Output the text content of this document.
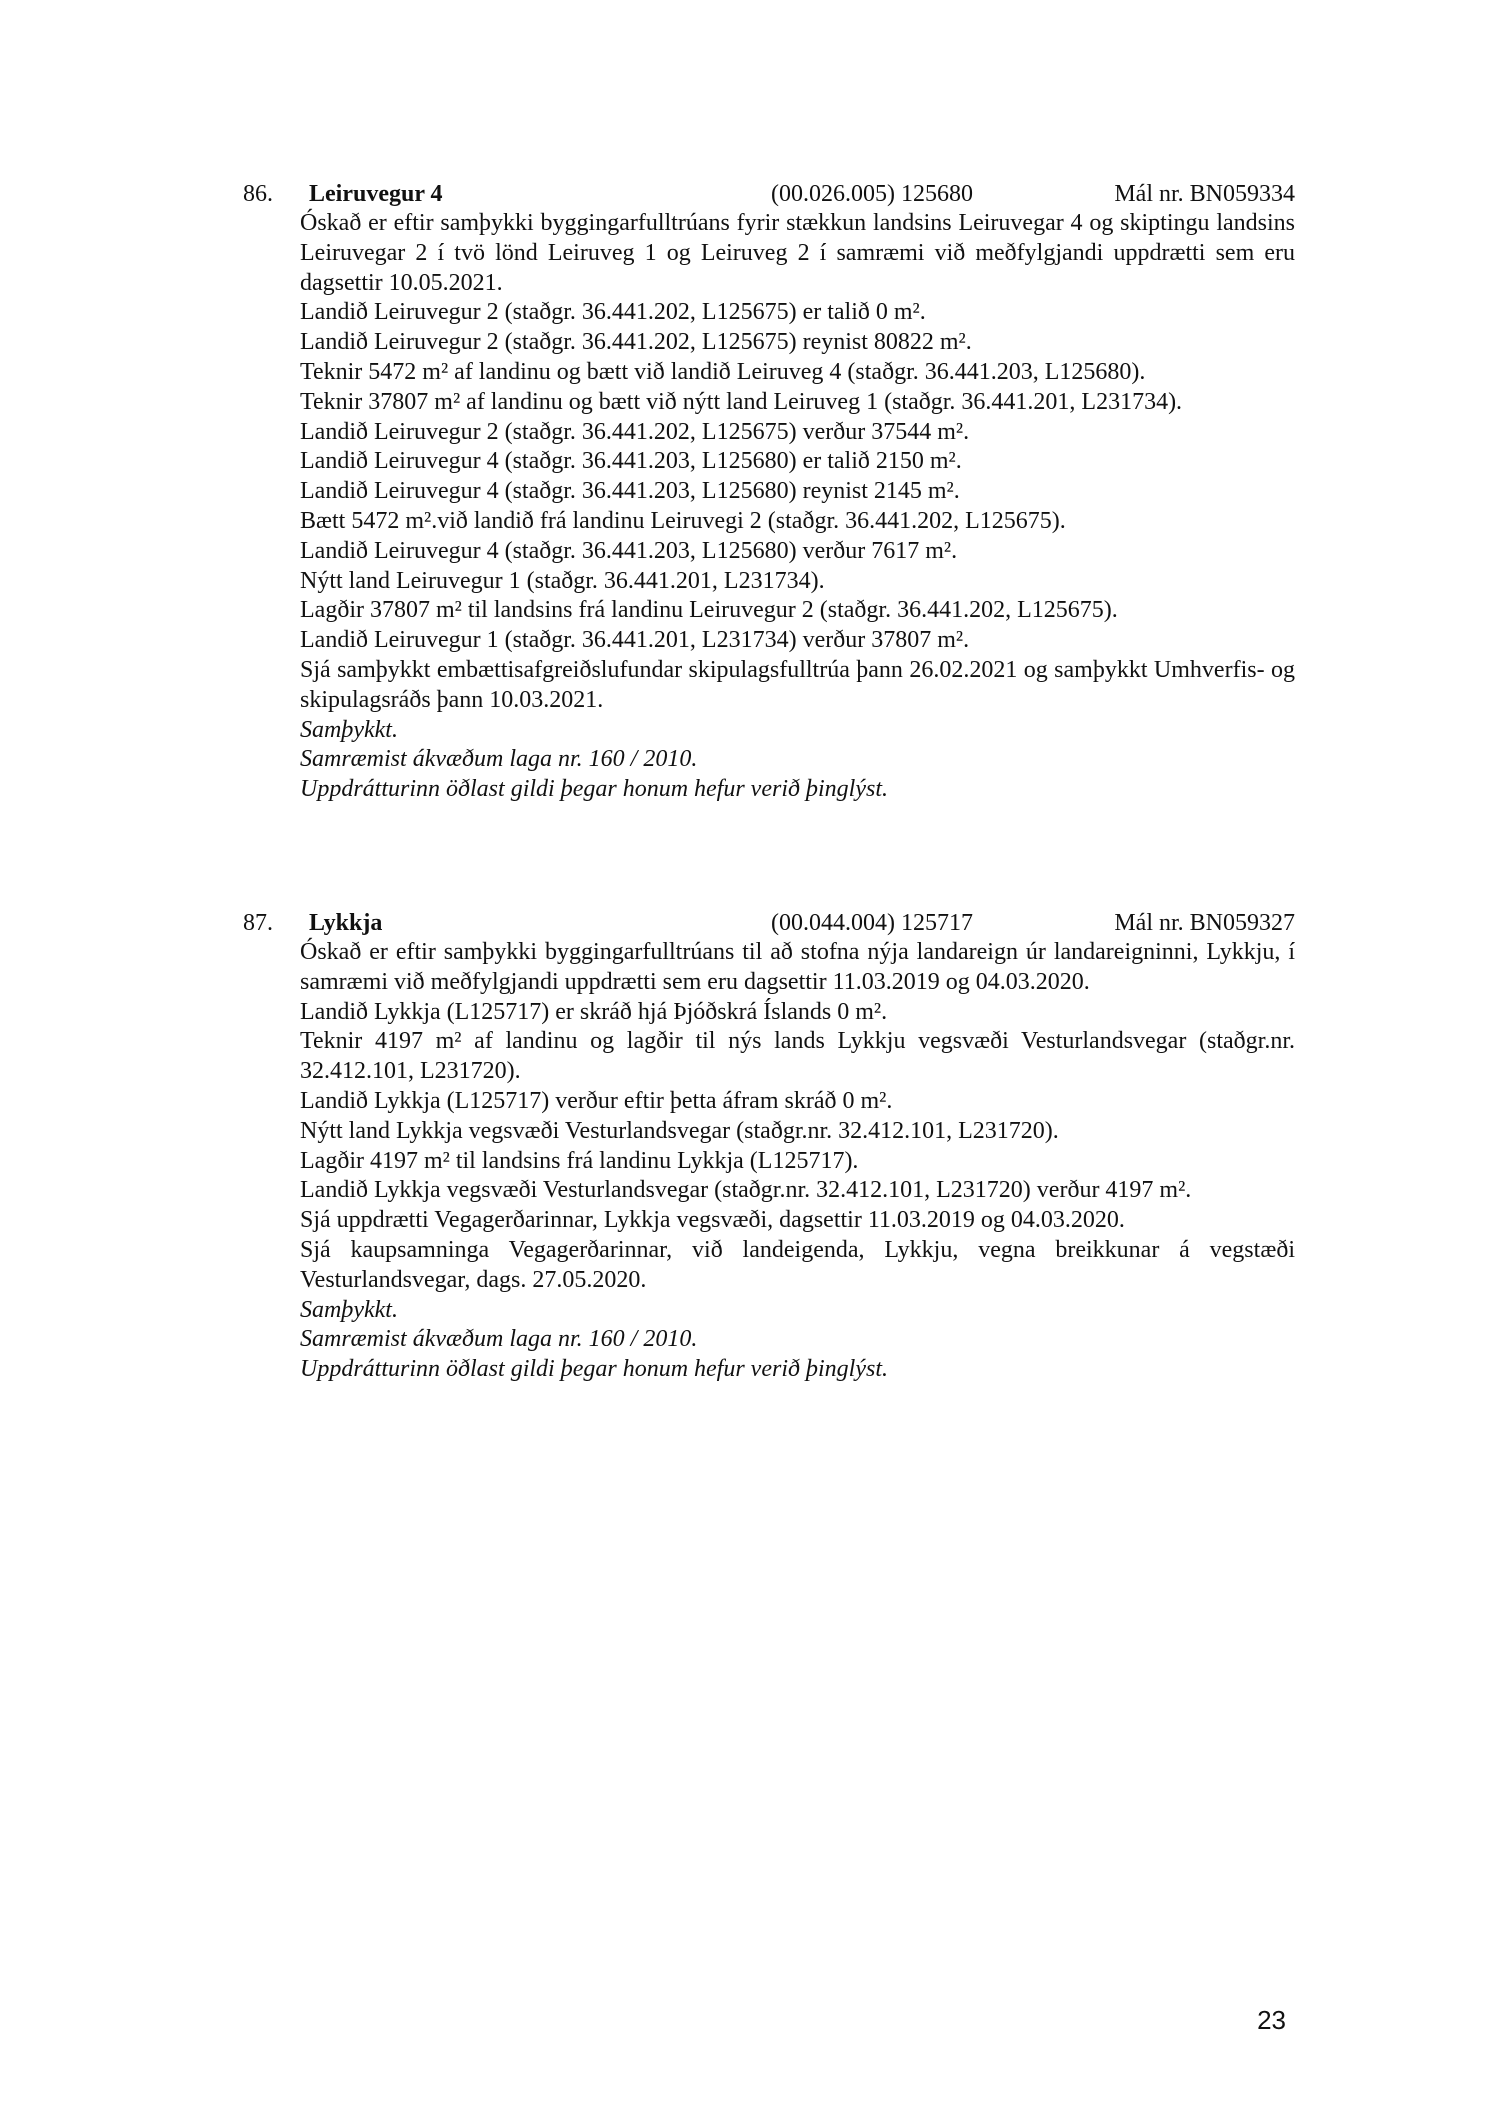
86. Leiruvegur 4	(00.026.005) 125680	Mál nr. BN059334

Óskað er eftir samþykki byggingarfulltrúans fyrir stækkun landsins Leiruvegar 4 og skiptingu landsins Leiruvegar 2 í tvö lönd Leiruveg 1 og Leiruveg 2 í samræmi við meðfylgjandi uppdrætti sem eru dagsettir 10.05.2021.

Landið Leiruvegur 2 (staðgr. 36.441.202, L125675) er talið 0 m².

Landið Leiruvegur 2 (staðgr. 36.441.202, L125675) reynist 80822 m².

Teknir 5472 m² af landinu og bætt við landið Leiruveg 4 (staðgr. 36.441.203, L125680).

Teknir 37807 m² af landinu og bætt við nýtt land Leiruveg 1 (staðgr. 36.441.201, L231734).

Landið Leiruvegur 2 (staðgr. 36.441.202, L125675) verður 37544 m².

Landið Leiruvegur 4 (staðgr. 36.441.203, L125680) er talið 2150 m².

Landið Leiruvegur 4 (staðgr. 36.441.203, L125680) reynist 2145 m².

Bætt 5472 m².við landið frá landinu Leiruvegi 2 (staðgr. 36.441.202, L125675).

Landið Leiruvegur 4 (staðgr. 36.441.203, L125680) verður 7617 m².

Nýtt land Leiruvegur 1 (staðgr. 36.441.201, L231734).

Lagðir 37807 m² til landsins frá landinu Leiruvegur 2 (staðgr. 36.441.202, L125675).

Landið Leiruvegur 1 (staðgr. 36.441.201, L231734) verður 37807 m².

Sjá samþykkt embættisafgreiðslufundar skipulagsfulltrúa þann 26.02.2021 og samþykkt Umhverfis- og skipulagsráðs þann 10.03.2021.

Samþykkt.

Samræmist ákvæðum laga nr. 160 / 2010.

Uppdrátturinn öðlast gildi þegar honum hefur verið þinglýst.

87. Lykkja	(00.044.004) 125717	Mál nr. BN059327

Óskað er eftir samþykki byggingarfulltrúans til að stofna nýja landareign úr landareigninni, Lykkju, í samræmi við meðfylgjandi uppdrætti sem eru dagsettir 11.03.2019 og 04.03.2020.

Landið Lykkja (L125717) er skráð hjá Þjóðskrá Íslands 0 m².

Teknir 4197 m² af landinu og lagðir til nýs lands Lykkju vegsvæði Vesturlandsvegar (staðgr.nr. 32.412.101, L231720).

Landið Lykkja (L125717) verður eftir þetta áfram skráð 0 m².

Nýtt land Lykkja vegsvæði Vesturlandsvegar (staðgr.nr. 32.412.101, L231720).

Lagðir 4197 m² til landsins frá landinu Lykkja (L125717).

Landið Lykkja vegsvæði Vesturlandsvegar (staðgr.nr. 32.412.101, L231720) verður 4197 m².

Sjá uppdrætti Vegagerðarinnar, Lykkja vegsvæði, dagsettir 11.03.2019 og 04.03.2020.

Sjá kaupsamninga Vegagerðarinnar, við landeigenda, Lykkju, vegna breikkunar á vegstæði Vesturlandsvegar, dags. 27.05.2020.

Samþykkt.

Samræmist ákvæðum laga nr. 160 / 2010.

Uppdrátturinn öðlast gildi þegar honum hefur verið þinglýst.

23
